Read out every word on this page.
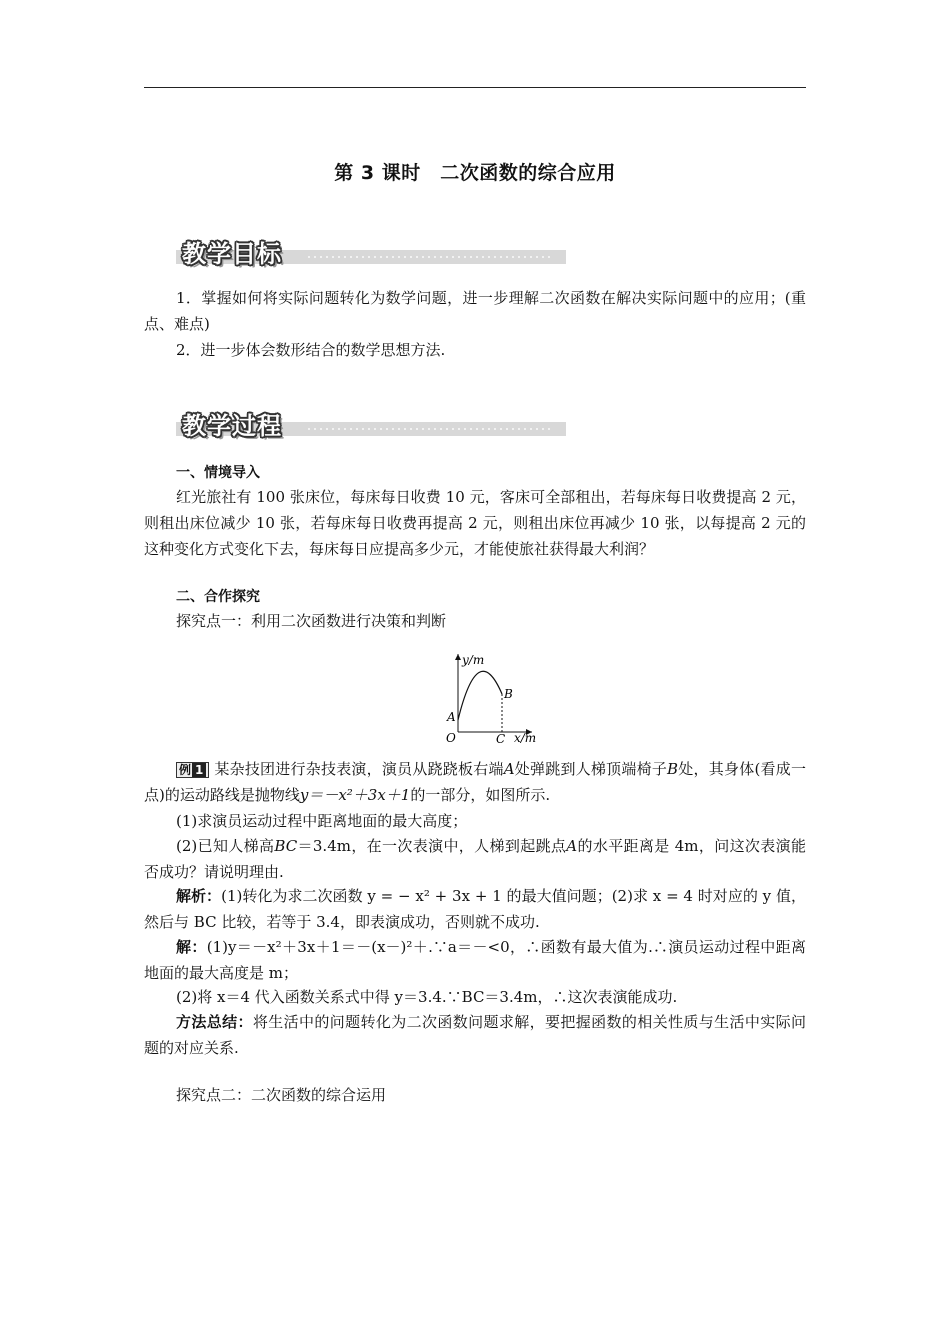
第 3 课时　二次函数的综合应用
教学目标
1．掌握如何将实际问题转化为数学问题，进一步理解二次函数在解决实际问题中的应用；(重点、难点)
2．进一步体会数形结合的数学思想方法.
教学过程
一、情境导入
红光旅社有 100 张床位，每床每日收费 10 元，客床可全部租出，若每床每日收费提高 2 元，则租出床位减少 10 张，若每床每日收费再提高 2 元，则租出床位再减少 10 张，以每提高 2 元的这种变化方式变化下去，每床每日应提高多少元，才能使旅社获得最大利润？
二、合作探究
探究点一：利用二次函数进行决策和判断
y/m
x/m
O
A
B
C
例 1 某杂技团进行杂技表演，演员从跷跷板右端A处弹跳到人梯顶端椅子B处，其身体(看成一点)的运动路线是抛物线y＝－x²＋3x＋1的一部分，如图所示.
(1)求演员运动过程中距离地面的最大高度；
(2)已知人梯高BC＝3.4m，在一次表演中，人梯到起跳点A的水平距离是 4m，问这次表演能否成功？请说明理由.
解析：(1)转化为求二次函数 y = − x² + 3x + 1 的最大值问题；(2)求 x = 4 时对应的 y 值，然后与 BC 比较，若等于 3.4，即表演成功，否则就不成功.
解：(1)y＝－x²＋3x＋1＝－(x－)²＋.∵a＝－<0，∴函数有最大值为.∴演员运动过程中距离地面的最大高度是 m；
(2)将 x＝4 代入函数关系式中得 y＝3.4.∵BC＝3.4m，∴这次表演能成功.
方法总结：将生活中的问题转化为二次函数问题求解，要把握函数的相关性质与生活中实际问题的对应关系.
探究点二：二次函数的综合运用
